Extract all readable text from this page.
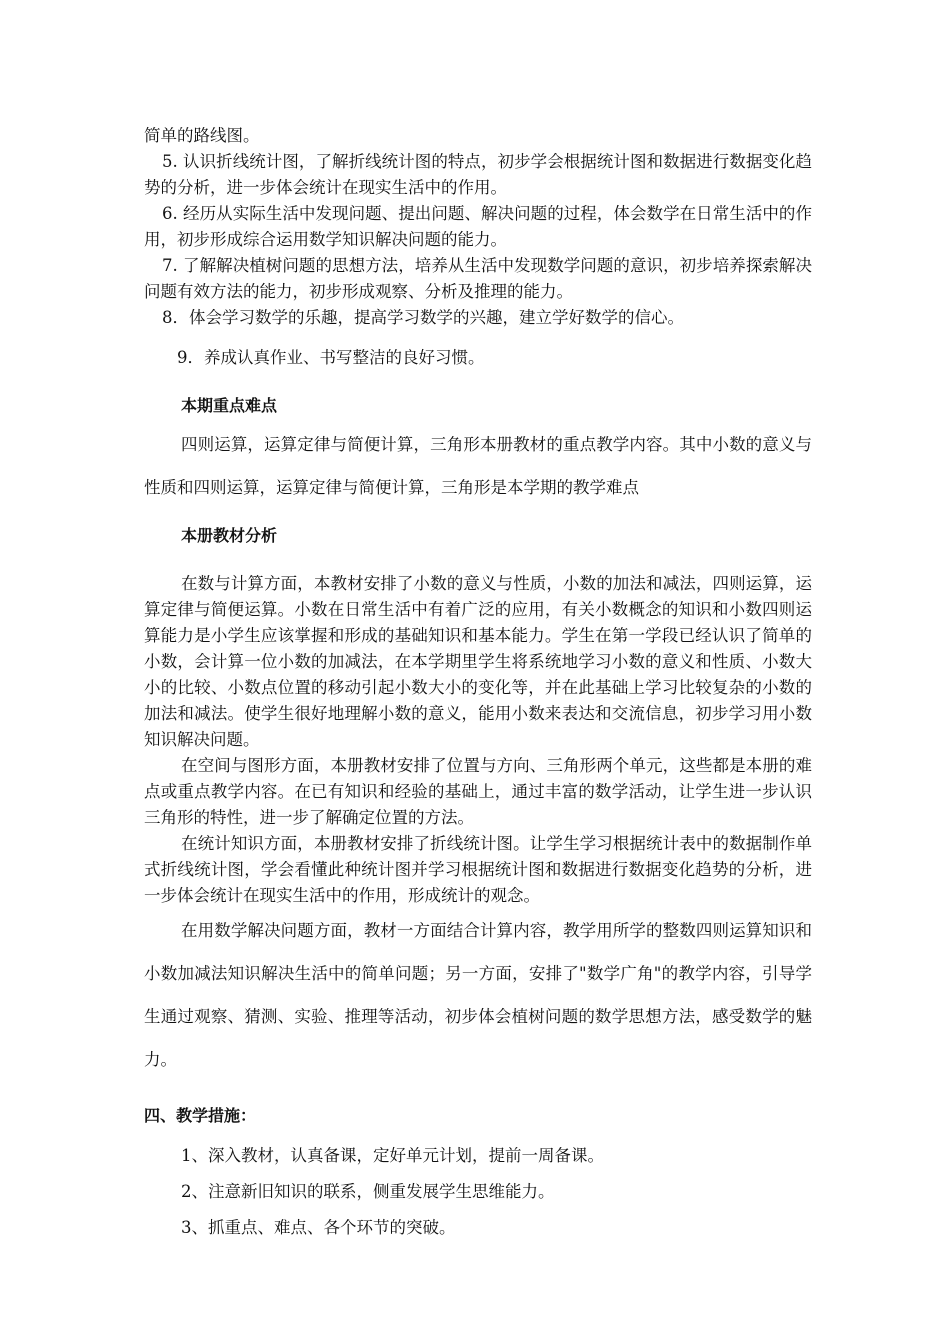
简单的路线图。

5. 认识折线统计图，了解折线统计图的特点，初步学会根据统计图和数据进行数据变化趋势的分析，进一步体会统计在现实生活中的作用。

6. 经历从实际生活中发现问题、提出问题、解决问题的过程，体会数学在日常生活中的作用，初步形成综合运用数学知识解决问题的能力。

7. 了解解决植树问题的思想方法，培养从生活中发现数学问题的意识，初步培养探索解决问题有效方法的能力，初步形成观察、分析及推理的能力。

8．体会学习数学的乐趣，提高学习数学的兴趣，建立学好数学的信心。

9．养成认真作业、书写整洁的良好习惯。

本期重点难点

四则运算，运算定律与简便计算，三角形本册教材的重点教学内容。其中小数的意义与性质和四则运算，运算定律与简便计算，三角形是本学期的教学难点

本册教材分析

在数与计算方面，本教材安排了小数的意义与性质，小数的加法和减法，四则运算，运算定律与简便运算。小数在日常生活中有着广泛的应用，有关小数概念的知识和小数四则运算能力是小学生应该掌握和形成的基础知识和基本能力。学生在第一学段已经认识了简单的小数，会计算一位小数的加减法，在本学期里学生将系统地学习小数的意义和性质、小数大小的比较、小数点位置的移动引起小数大小的变化等，并在此基础上学习比较复杂的小数的加法和减法。使学生很好地理解小数的意义，能用小数来表达和交流信息，初步学习用小数知识解决问题。

在空间与图形方面，本册教材安排了位置与方向、三角形两个单元，这些都是本册的难点或重点教学内容。在已有知识和经验的基础上，通过丰富的数学活动，让学生进一步认识三角形的特性，进一步了解确定位置的方法。

在统计知识方面，本册教材安排了折线统计图。让学生学习根据统计表中的数据制作单式折线统计图，学会看懂此种统计图并学习根据统计图和数据进行数据变化趋势的分析，进一步体会统计在现实生活中的作用，形成统计的观念。

在用数学解决问题方面，教材一方面结合计算内容，教学用所学的整数四则运算知识和小数加减法知识解决生活中的简单问题；另一方面，安排了"数学广角"的教学内容，引导学生通过观察、猜测、实验、推理等活动，初步体会植树问题的数学思想方法，感受数学的魅力。

四、教学措施：

1、深入教材，认真备课，定好单元计划，提前一周备课。

2、注意新旧知识的联系，侧重发展学生思维能力。

3、抓重点、难点、各个环节的突破。
